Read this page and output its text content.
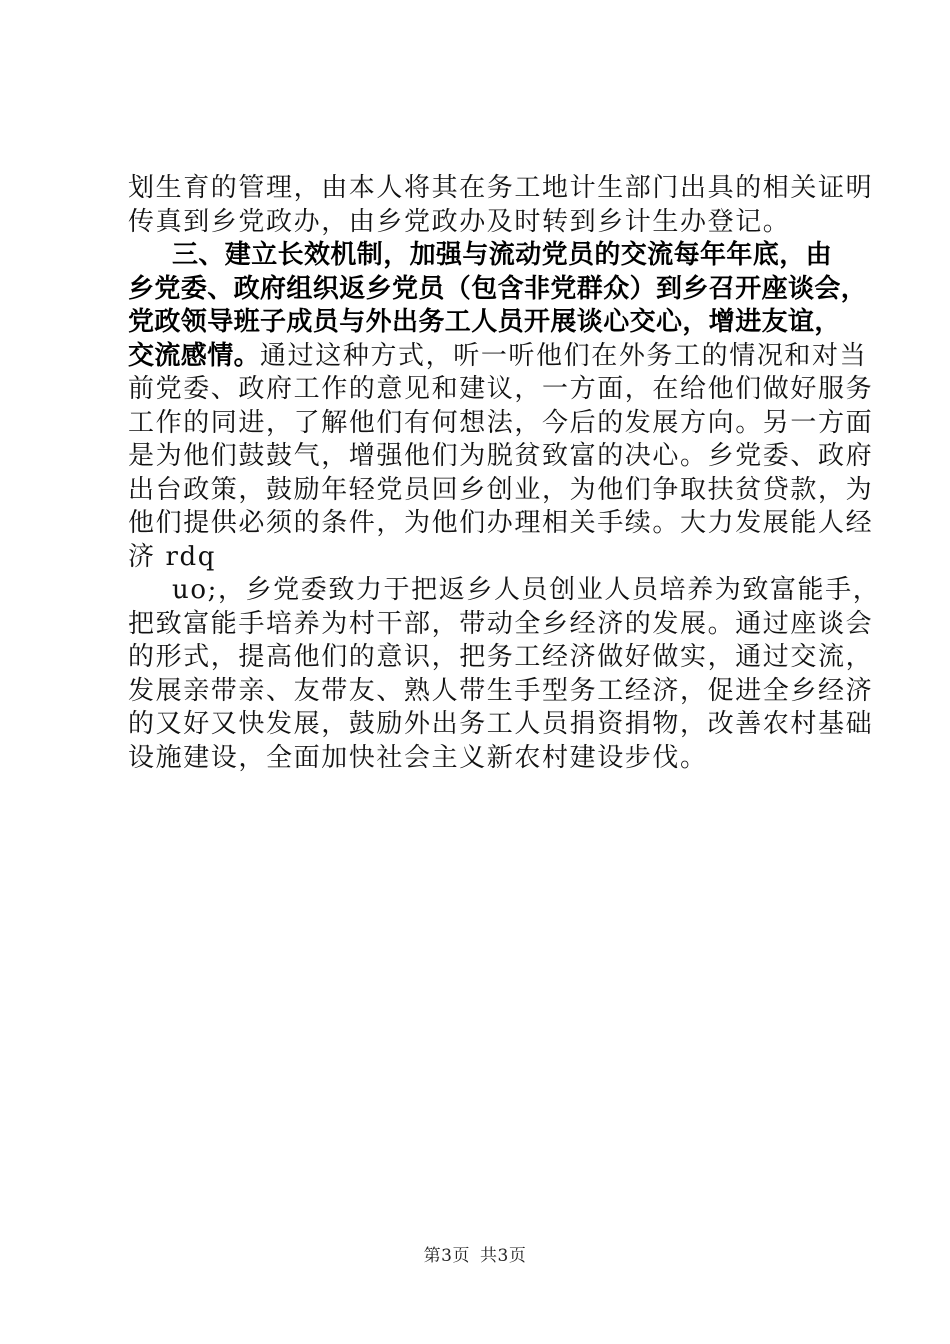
划生育的管理，由本人将其在务工地计生部门出具的相关证明
传真到乡党政办，由乡党政办及时转到乡计生办登记。
三、建立长效机制，加强与流动党员的交流每年年底，由
乡党委、政府组织返乡党员（包含非党群众）到乡召开座谈会，
党政领导班子成员与外出务工人员开展谈心交心，增进友谊，
交流感情。通过这种方式，听一听他们在外务工的情况和对当
前党委、政府工作的意见和建议，一方面，在给他们做好服务
工作的同进，了解他们有何想法，今后的发展方向。另一方面
是为他们鼓鼓气，增强他们为脱贫致富的决心。乡党委、政府
出台政策，鼓励年轻党员回乡创业，为他们争取扶贫贷款，为
他们提供必须的条件，为他们办理相关手续。大力发展能人经
济 rdq
uo;，乡党委致力于把返乡人员创业人员培养为致富能手，
把致富能手培养为村干部，带动全乡经济的发展。通过座谈会
的形式，提高他们的意识，把务工经济做好做实，通过交流，
发展亲带亲、友带友、熟人带生手型务工经济，促进全乡经济
的又好又快发展，鼓励外出务工人员捐资捐物，改善农村基础
设施建设，全面加快社会主义新农村建设步伐。
第3页 共3页
